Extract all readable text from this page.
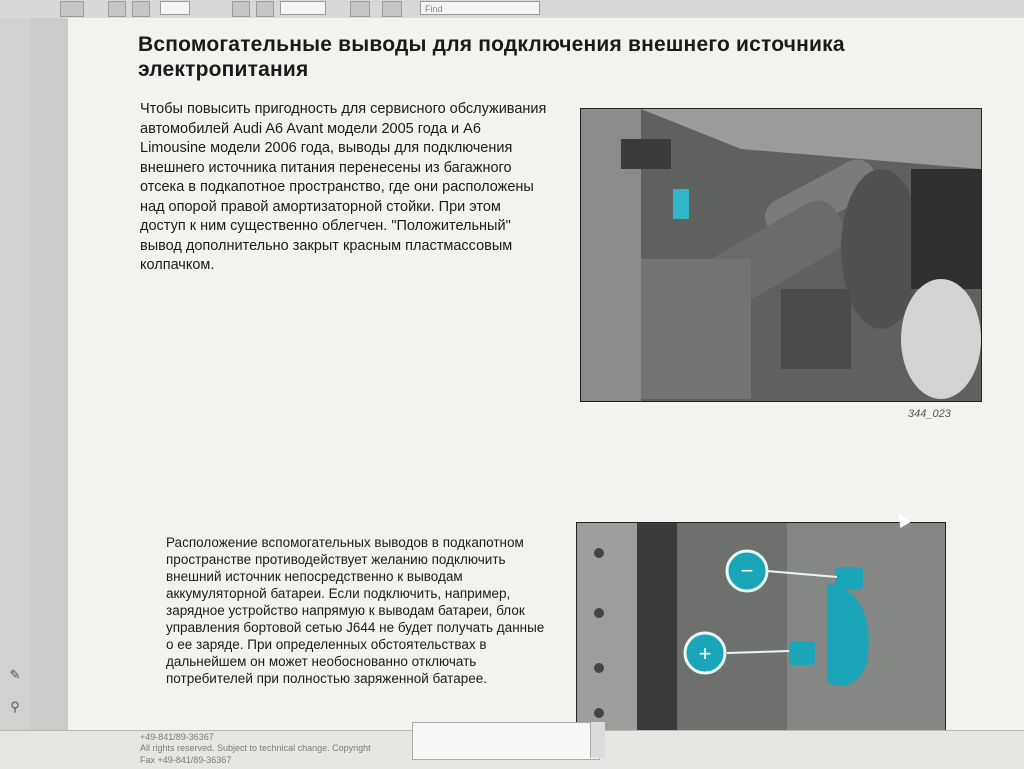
Find
✎
⚲
Вспомогательные выводы для подключения внешнего источника электропитания
Чтобы повысить пригодность для сервисного обслуживания автомобилей Audi A6 Avant модели 2005 года и A6 Limousine модели 2006 года, выводы для подключения внешнего источника питания перенесены из багажного отсека в подкапотное пространство, где они расположены над опорой правой амортизаторной стойки. При этом доступ к ним существенно облегчен. "Положительный" вывод дополнительно закрыт красным пластмассовым колпачком.
344_023
Расположение вспомогательных выводов в подкапотном пространстве противодействует желанию подключить внешний источник непосредственно к выводам аккумуляторной батареи. Если подключить, например, зарядное устройство напрямую к выводам батареи, блок управления бортовой сетью J644 не будет получать данные о ее заряде. При определенных обстоятельствах в дальнейшем он может необоснованно отключать потребителей при полностью заряженной батарее.
−
+
+49-841/89-36367
All rights reserved. Subject to technical change. Copyright
Fax +49-841/89-36367
